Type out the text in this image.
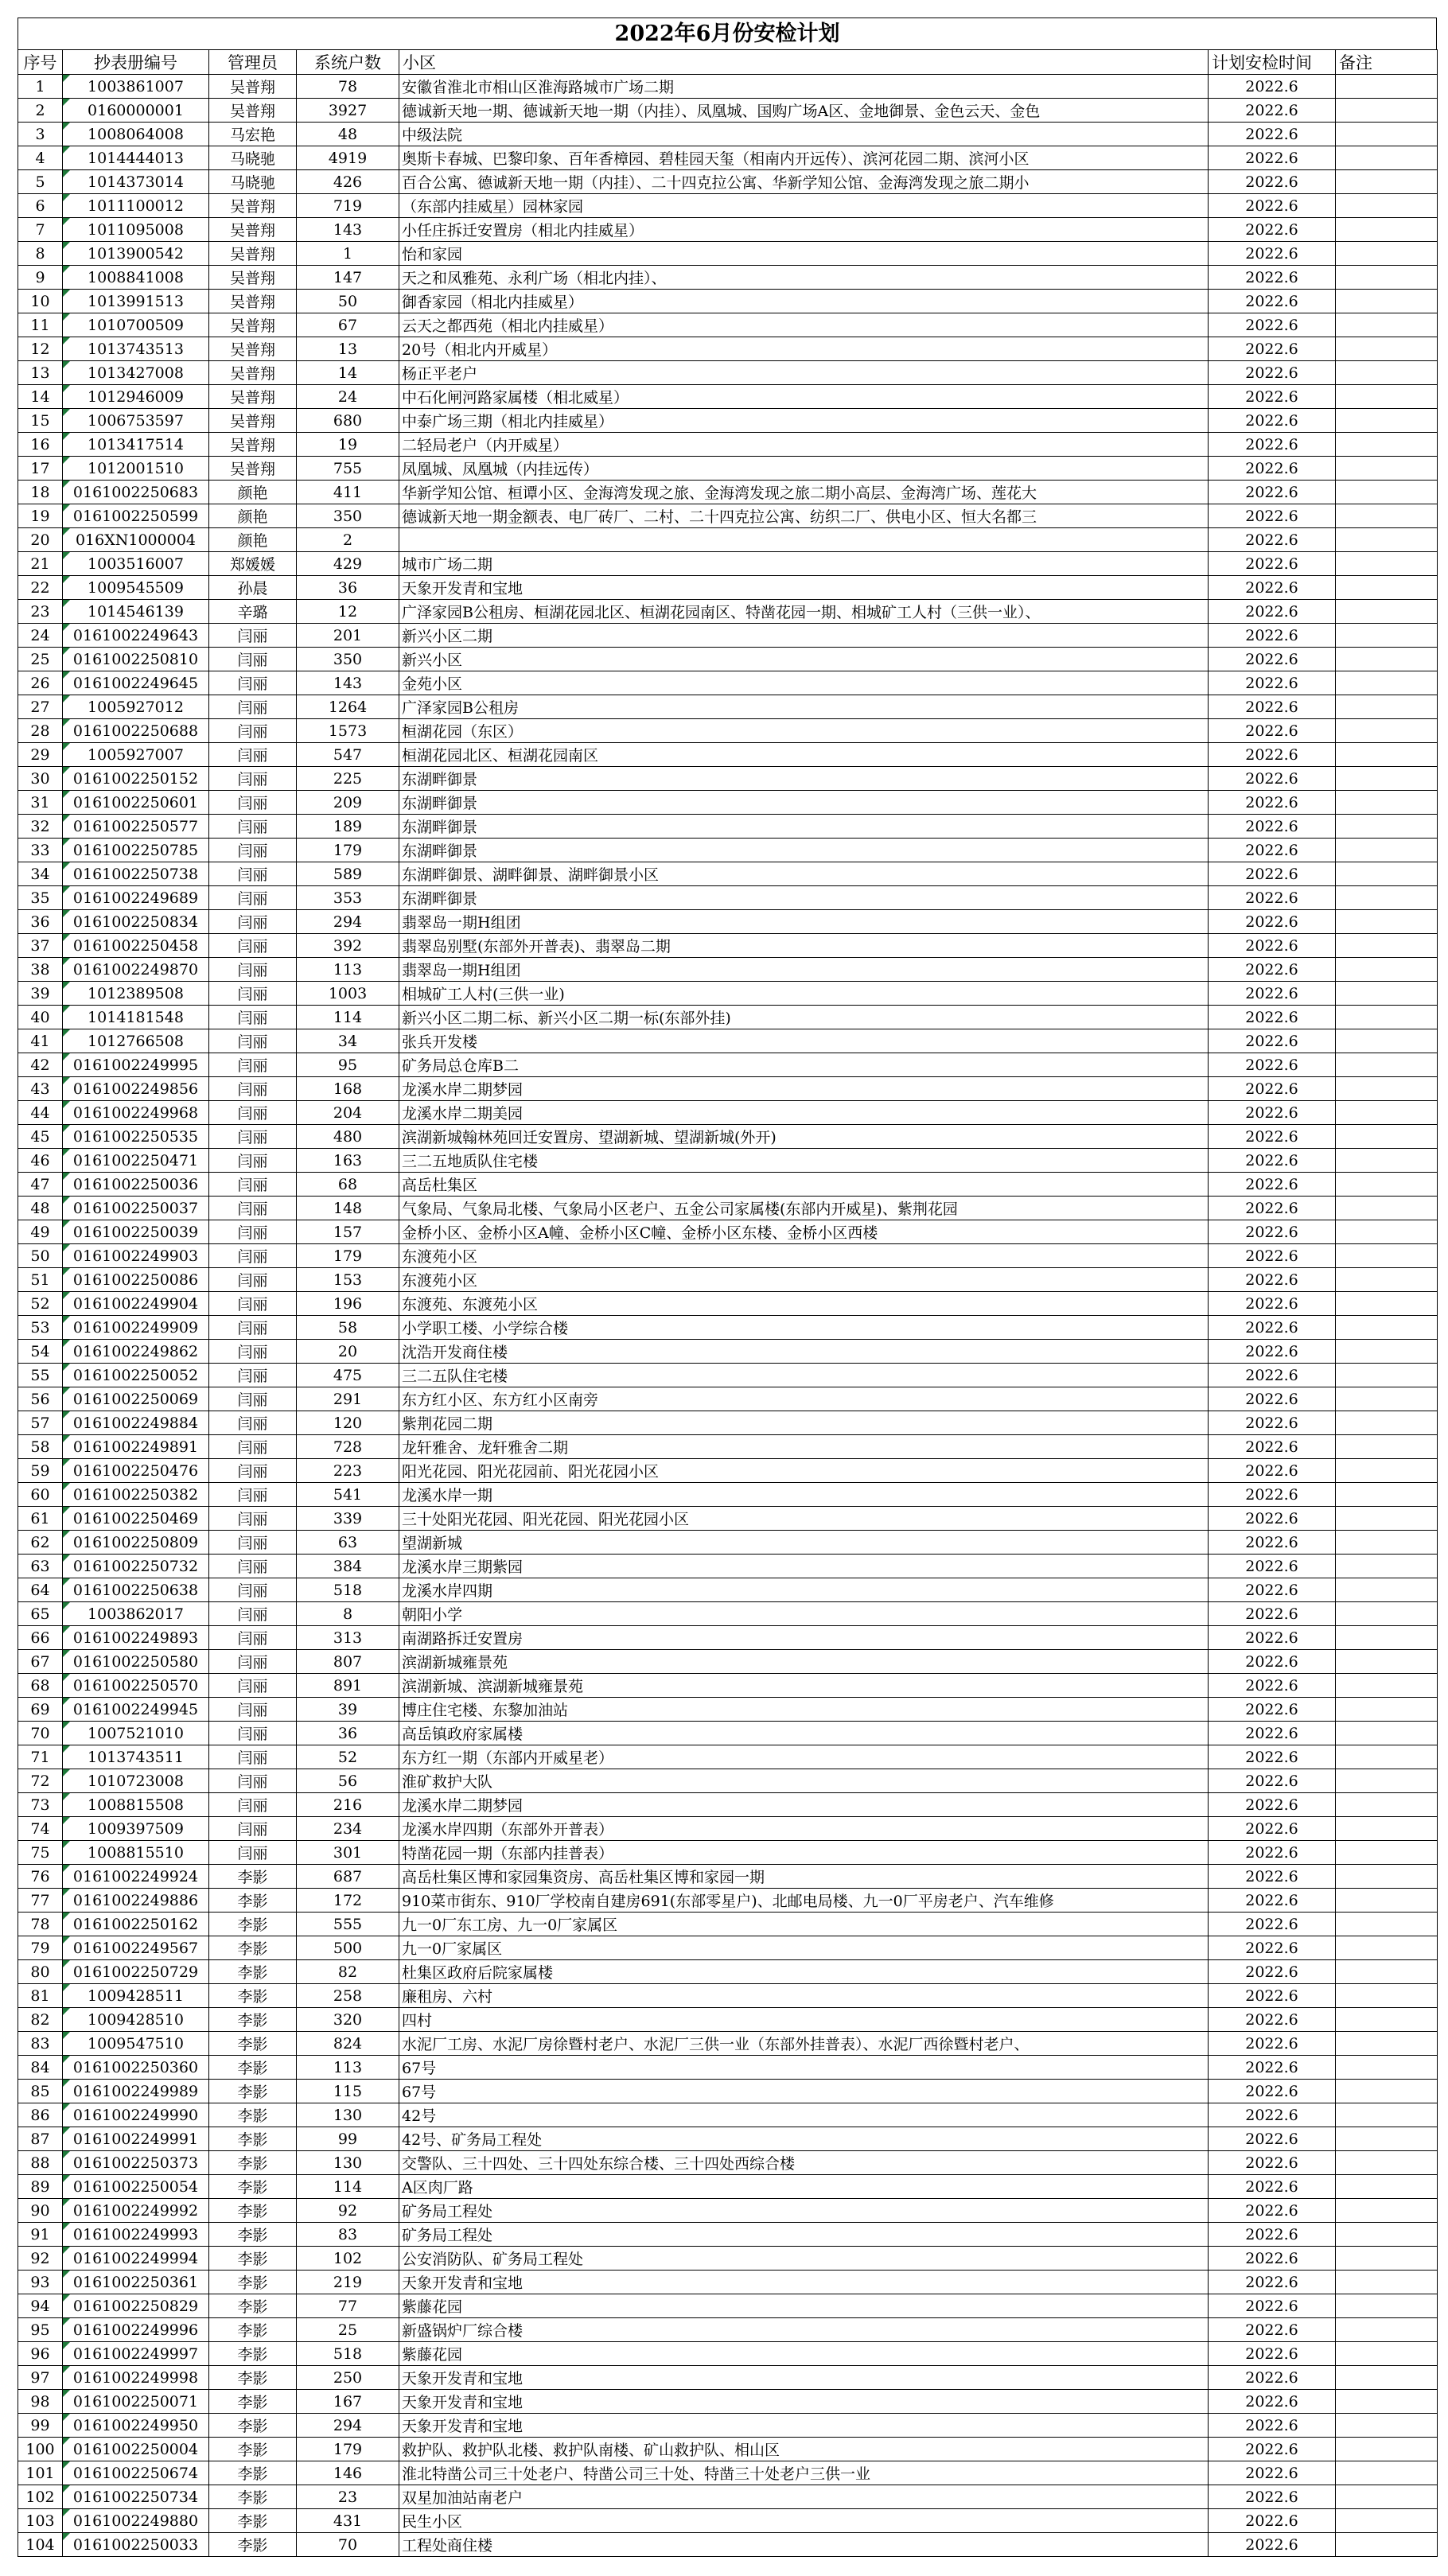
2022年6月份安检计划
序号	抄表册编号	管理员	系统户数	小区	计划安检时间	备注
1	1003861007	吴普翔	78	安徽省淮北市相山区淮海路城市广场二期	2022.6	
2	0160000001	吴普翔	3927	德诚新天地一期、德诚新天地一期（内挂）、凤凰城、国购广场A区、金地御景、金色云天、金色	2022.6	
3	1008064008	马宏艳	48	中级法院	2022.6	
4	1014444013	马晓驰	4919	奥斯卡春城、巴黎印象、百年香樟园、碧桂园天玺（相南内开远传）、滨河花园二期、滨河小区	2022.6	
5	1014373014	马晓驰	426	百合公寓、德诚新天地一期（内挂）、二十四克拉公寓、华新学知公馆、金海湾发现之旅二期小	2022.6	
6	1011100012	吴普翔	719	（东部内挂威星）园林家园	2022.6	
7	1011095008	吴普翔	143	小任庄拆迁安置房（相北内挂威星）	2022.6	
8	1013900542	吴普翔	1	怡和家园	2022.6	
9	1008841008	吴普翔	147	天之和凤雅苑、永利广场（相北内挂）、	2022.6	
10	1013991513	吴普翔	50	御香家园（相北内挂威星）	2022.6	
11	1010700509	吴普翔	67	云天之都西苑（相北内挂威星）	2022.6	
12	1013743513	吴普翔	13	20号（相北内开威星）	2022.6	
13	1013427008	吴普翔	14	杨正平老户	2022.6	
14	1012946009	吴普翔	24	中石化闸河路家属楼（相北威星）	2022.6	
15	1006753597	吴普翔	680	中泰广场三期（相北内挂威星）	2022.6	
16	1013417514	吴普翔	19	二轻局老户（内开威星）	2022.6	
17	1012001510	吴普翔	755	凤凰城、凤凰城（内挂远传）	2022.6	
18	0161002250683	颜艳	411	华新学知公馆、桓谭小区、金海湾发现之旅、金海湾发现之旅二期小高层、金海湾广场、莲花大	2022.6	
19	0161002250599	颜艳	350	德诚新天地一期金额表、电厂砖厂、二村、二十四克拉公寓、纺织二厂、供电小区、恒大名都三	2022.6	
20	016XN1000004	颜艳	2		2022.6	
21	1003516007	郑媛媛	429	城市广场二期	2022.6	
22	1009545509	孙晨	36	天象开发青和宝地	2022.6	
23	1014546139	辛璐	12	广泽家园B公租房、桓湖花园北区、桓湖花园南区、特凿花园一期、相城矿工人村（三供一业）、	2022.6	
24	0161002249643	闫丽	201	新兴小区二期	2022.6	
25	0161002250810	闫丽	350	新兴小区	2022.6	
26	0161002249645	闫丽	143	金苑小区	2022.6	
27	1005927012	闫丽	1264	广泽家园B公租房	2022.6	
28	0161002250688	闫丽	1573	桓湖花园（东区）	2022.6	
29	1005927007	闫丽	547	桓湖花园北区、桓湖花园南区	2022.6	
30	0161002250152	闫丽	225	东湖畔御景	2022.6	
31	0161002250601	闫丽	209	东湖畔御景	2022.6	
32	0161002250577	闫丽	189	东湖畔御景	2022.6	
33	0161002250785	闫丽	179	东湖畔御景	2022.6	
34	0161002250738	闫丽	589	东湖畔御景、湖畔御景、湖畔御景小区	2022.6	
35	0161002249689	闫丽	353	东湖畔御景	2022.6	
36	0161002250834	闫丽	294	翡翠岛一期H组团	2022.6	
37	0161002250458	闫丽	392	翡翠岛别墅(东部外开普表)、翡翠岛二期	2022.6	
38	0161002249870	闫丽	113	翡翠岛一期H组团	2022.6	
39	1012389508	闫丽	1003	相城矿工人村(三供一业)	2022.6	
40	1014181548	闫丽	114	新兴小区二期二标、新兴小区二期一标(东部外挂)	2022.6	
41	1012766508	闫丽	34	张兵开发楼	2022.6	
42	0161002249995	闫丽	95	矿务局总仓库B二	2022.6	
43	0161002249856	闫丽	168	龙溪水岸二期梦园	2022.6	
44	0161002249968	闫丽	204	龙溪水岸二期美园	2022.6	
45	0161002250535	闫丽	480	滨湖新城翰林苑回迁安置房、望湖新城、望湖新城(外开)	2022.6	
46	0161002250471	闫丽	163	三二五地质队住宅楼	2022.6	
47	0161002250036	闫丽	68	高岳杜集区	2022.6	
48	0161002250037	闫丽	148	气象局、气象局北楼、气象局小区老户、五金公司家属楼(东部内开威星)、紫荆花园	2022.6	
49	0161002250039	闫丽	157	金桥小区、金桥小区A幢、金桥小区C幢、金桥小区东楼、金桥小区西楼	2022.6	
50	0161002249903	闫丽	179	东渡苑小区	2022.6	
51	0161002250086	闫丽	153	东渡苑小区	2022.6	
52	0161002249904	闫丽	196	东渡苑、东渡苑小区	2022.6	
53	0161002249909	闫丽	58	小学职工楼、小学综合楼	2022.6	
54	0161002249862	闫丽	20	沈浩开发商住楼	2022.6	
55	0161002250052	闫丽	475	三二五队住宅楼	2022.6	
56	0161002250069	闫丽	291	东方红小区、东方红小区南旁	2022.6	
57	0161002249884	闫丽	120	紫荆花园二期	2022.6	
58	0161002249891	闫丽	728	龙轩雅舍、龙轩雅舍二期	2022.6	
59	0161002250476	闫丽	223	阳光花园、阳光花园前、阳光花园小区	2022.6	
60	0161002250382	闫丽	541	龙溪水岸一期	2022.6	
61	0161002250469	闫丽	339	三十处阳光花园、阳光花园、阳光花园小区	2022.6	
62	0161002250809	闫丽	63	望湖新城	2022.6	
63	0161002250732	闫丽	384	龙溪水岸三期紫园	2022.6	
64	0161002250638	闫丽	518	龙溪水岸四期	2022.6	
65	1003862017	闫丽	8	朝阳小学	2022.6	
66	0161002249893	闫丽	313	南湖路拆迁安置房	2022.6	
67	0161002250580	闫丽	807	滨湖新城雍景苑	2022.6	
68	0161002250570	闫丽	891	滨湖新城、滨湖新城雍景苑	2022.6	
69	0161002249945	闫丽	39	博庄住宅楼、东黎加油站	2022.6	
70	1007521010	闫丽	36	高岳镇政府家属楼	2022.6	
71	1013743511	闫丽	52	东方红一期（东部内开威星老）	2022.6	
72	1010723008	闫丽	56	淮矿救护大队	2022.6	
73	1008815508	闫丽	216	龙溪水岸二期梦园	2022.6	
74	1009397509	闫丽	234	龙溪水岸四期（东部外开普表）	2022.6	
75	1008815510	闫丽	301	特凿花园一期（东部内挂普表）	2022.6	
76	0161002249924	李影	687	高岳杜集区博和家园集资房、高岳杜集区博和家园一期	2022.6	
77	0161002249886	李影	172	910菜市街东、910厂学校南自建房691(东部零星户)、北邮电局楼、九一0厂平房老户、汽车维修	2022.6	
78	0161002250162	李影	555	九一0厂东工房、九一0厂家属区	2022.6	
79	0161002249567	李影	500	九一0厂家属区	2022.6	
80	0161002250729	李影	82	杜集区政府后院家属楼	2022.6	
81	1009428511	李影	258	廉租房、六村	2022.6	
82	1009428510	李影	320	四村	2022.6	
83	1009547510	李影	824	水泥厂工房、水泥厂房徐暨村老户、水泥厂三供一业（东部外挂普表）、水泥厂西徐暨村老户、	2022.6	
84	0161002250360	李影	113	67号	2022.6	
85	0161002249989	李影	115	67号	2022.6	
86	0161002249990	李影	130	42号	2022.6	
87	0161002249991	李影	99	42号、矿务局工程处	2022.6	
88	0161002250373	李影	130	交警队、三十四处、三十四处东综合楼、三十四处西综合楼	2022.6	
89	0161002250054	李影	114	A区肉厂路	2022.6	
90	0161002249992	李影	92	矿务局工程处	2022.6	
91	0161002249993	李影	83	矿务局工程处	2022.6	
92	0161002249994	李影	102	公安消防队、矿务局工程处	2022.6	
93	0161002250361	李影	219	天象开发青和宝地	2022.6	
94	0161002250829	李影	77	紫藤花园	2022.6	
95	0161002249996	李影	25	新盛锅炉厂综合楼	2022.6	
96	0161002249997	李影	518	紫藤花园	2022.6	
97	0161002249998	李影	250	天象开发青和宝地	2022.6	
98	0161002250071	李影	167	天象开发青和宝地	2022.6	
99	0161002249950	李影	294	天象开发青和宝地	2022.6	
100	0161002250004	李影	179	救护队、救护队北楼、救护队南楼、矿山救护队、相山区	2022.6	
101	0161002250674	李影	146	淮北特凿公司三十处老户、特凿公司三十处、特凿三十处老户三供一业	2022.6	
102	0161002250734	李影	23	双星加油站南老户	2022.6	
103	0161002249880	李影	431	民生小区	2022.6	
104	0161002250033	李影	70	工程处商住楼	2022.6	
